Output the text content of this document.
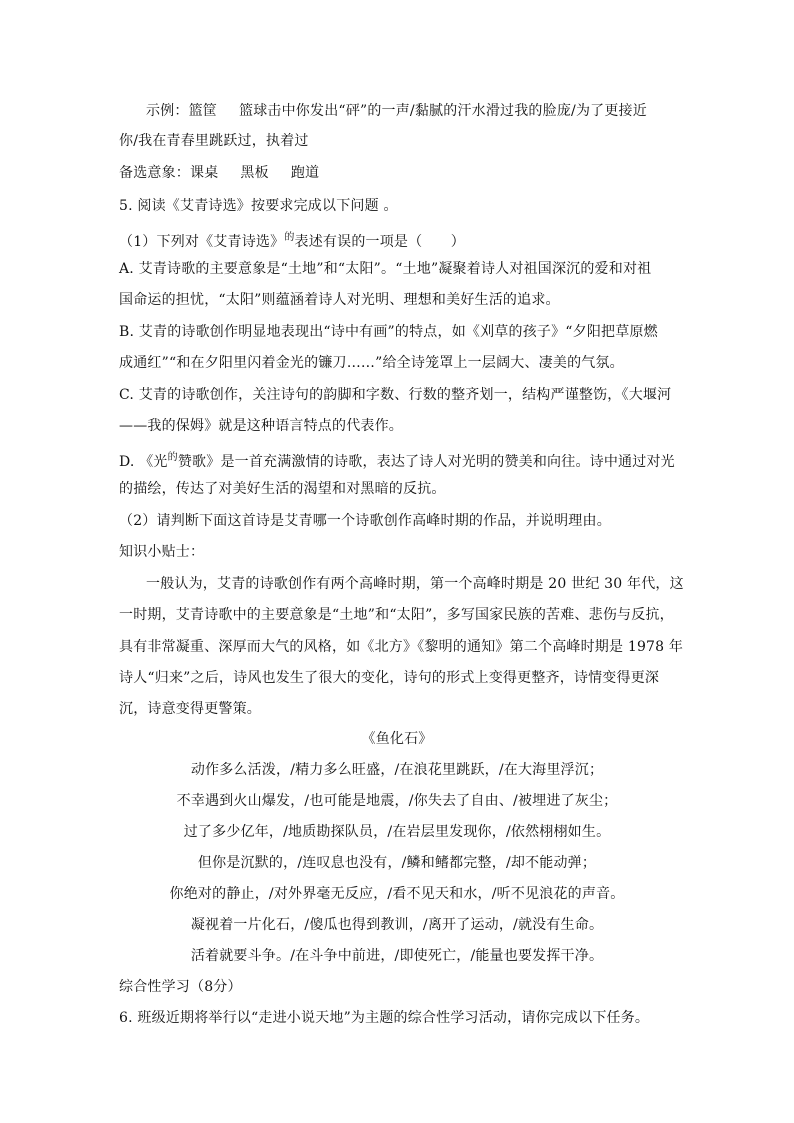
示例：篮筐 篮球击中你发出“砰”的一声/黏腻的汗水滑过我的脸庞/为了更接近
你/我在青春里跳跃过，执着过
备选意象：课桌 黑板 跑道
5. 阅读《艾青诗选》按要求完成以下问题 。
（1）下列对《艾青诗选》$^的$表述有误的一项是（　　）
A. 艾青诗歌的主要意象是“土地”和“太阳”。“土地”凝聚着诗人对祖国深沉的爱和对祖
国命运的担忧，“太阳”则蕴涵着诗人对光明、理想和美好生活的追求。
B. 艾青的诗歌创作明显地表现出“诗中有画”的特点，如《刈草的孩子》“夕阳把草原燃
成通红”“和在夕阳里闪着金光的镰刀……”给全诗笼罩上一层阔大、凄美的气氛。
C. 艾青的诗歌创作，关注诗句的韵脚和字数、行数的整齐划一，结构严谨整饬，《大堰河
——我的保姆》就是这种语言特点的代表作。
D. 《光$^的$赞歌》是一首充满激情的诗歌，表达了诗人对光明的赞美和向往。诗中通过对光
的描绘，传达了对美好生活的渴望和对黑暗的反抗。
（2）请判断下面这首诗是艾青哪一个诗歌创作高峰时期的作品，并说明理由。
知识小贴士：
一般认为，艾青的诗歌创作有两个高峰时期，第一个高峰时期是 20 世纪 30 年代，这
一时期，艾青诗歌中的主要意象是“土地”和“太阳”，多写国家民族的苦难、悲伤与反抗，
具有非常凝重、深厚而大气的风格，如《北方》《黎明的通知》第二个高峰时期是 1978 年
诗人“归来”之后，诗风也发生了很大的变化，诗句的形式上变得更整齐，诗情变得更深
沉，诗意变得更警策。
《鱼化石》
动作多么活泼，/精力多么旺盛，/在浪花里跳跃，/在大海里浮沉；
不幸遇到火山爆发，/也可能是地震，/你失去了自由、/被埋进了灰尘；
过了多少亿年，/地质勘探队员，/在岩层里发现你，/依然栩栩如生。
但你是沉默的，/连叹息也没有，/鳞和鳍都完整，/却不能动弹；
你绝对的静止，/对外界毫无反应，/看不见天和水，/听不见浪花的声音。
凝视着一片化石，/傻瓜也得到教训，/离开了运动，/就没有生命。
活着就要斗争。/在斗争中前进，/即使死亡，/能量也要发挥干净。
综合性学习（8分）
6. 班级近期将举行以“走进小说天地”为主题的综合性学习活动，请你完成以下任务。
